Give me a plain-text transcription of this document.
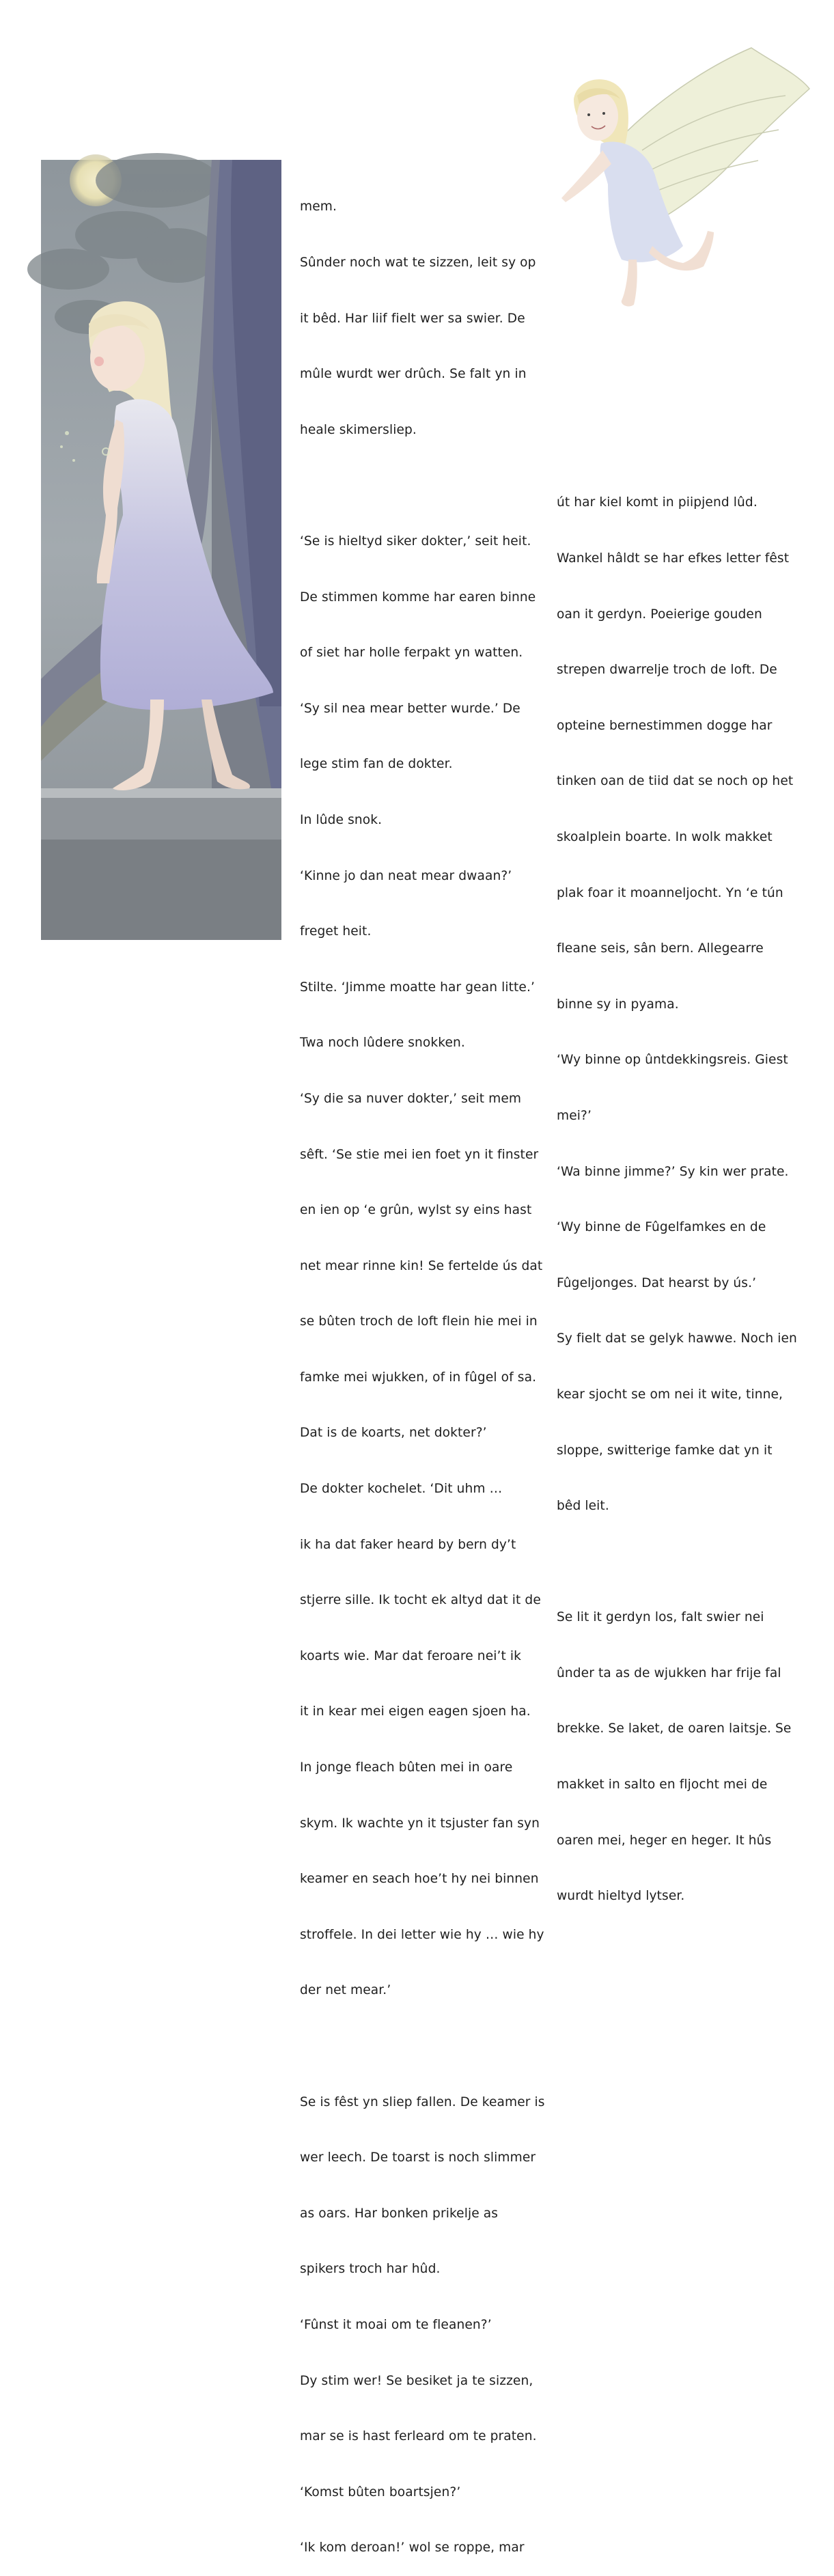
mem.

Sûnder noch wat te sizzen, leit sy op

it bêd. Har liif fielt wer sa swier. De

mûle wurdt wer drûch. Se falt yn in

heale skimersliep.

‘Se is hieltyd siker dokter,’ seit heit.

De stimmen komme har earen binne

of siet har holle ferpakt yn watten.

‘Sy sil nea mear better wurde.’ De

lege stim fan de dokter.

In lûde snok.

‘Kinne jo dan neat mear dwaan?’

freget heit.

Stilte. ‘Jimme moatte har gean litte.’

Twa noch lûdere snokken.

‘Sy die sa nuver dokter,’ seit mem

sêft. ‘Se stie mei ien foet yn it finster

en ien op ‘e grûn, wylst sy eins hast

net mear rinne kin! Se fertelde ús dat

se bûten troch de loft flein hie mei in

famke mei wjukken, of in fûgel of sa.

Dat is de koarts, net dokter?’

De dokter kochelet. ‘Dit uhm …

ik ha dat faker heard by bern dy’t

stjerre sille. Ik tocht ek altyd dat it de

koarts wie. Mar dat feroare nei’t ik

it in kear mei eigen eagen sjoen ha.

In jonge fleach bûten mei in oare

skym. Ik wachte yn it tsjuster fan syn

keamer en seach hoe’t hy nei binnen

stroffele. In dei letter wie hy … wie hy

der net mear.’

Se is fêst yn sliep fallen. De keamer is

wer leech. De toarst is noch slimmer

as oars. Har bonken prikelje as

spikers troch har hûd.

‘Fûnst it moai om te fleanen?’

Dy stim wer! Se besiket ja te sizzen,

mar se is hast ferleard om te praten.

‘Komst bûten boartsjen?’

‘Ik kom deroan!’ wol se roppe, mar

út har kiel komt in piipjend lûd.

Wankel hâldt se har efkes letter fêst

oan it gerdyn. Poeierige gouden

strepen dwarrelje troch de loft. De

opteine bernestimmen dogge har

tinken oan de tiid dat se noch op het

skoalplein boarte. In wolk makket

plak foar it moanneljocht. Yn ‘e tún

fleane seis, sân bern. Allegearre

binne sy in pyama.

‘Wy binne op ûntdekkingsreis. Giest

mei?’

‘Wa binne jimme?’ Sy kin wer prate.

‘Wy binne de Fûgelfamkes en de

Fûgeljonges. Dat hearst by ús.’

Sy fielt dat se gelyk hawwe. Noch ien

kear sjocht se om nei it wite, tinne,

sloppe, switterige famke dat yn it

bêd leit.

Se lit it gerdyn los, falt swier nei

ûnder ta as de wjukken har frije fal

brekke. Se laket, de oaren laitsje. Se

makket in salto en fljocht mei de

oaren mei, heger en heger. It hûs

wurdt hieltyd lytser.
